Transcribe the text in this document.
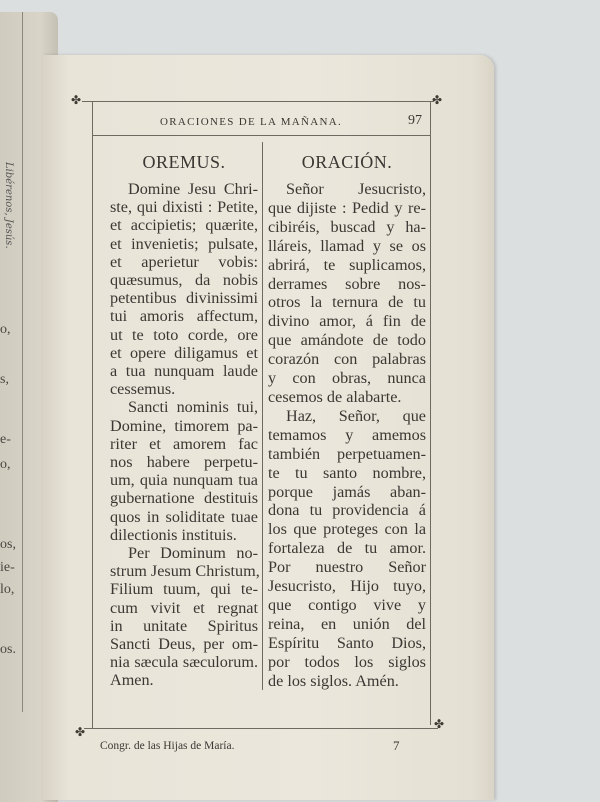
Libérenos, Jesús.
o,
s,
e-
o,
os,
ie-
lo,
os.
✤	✤
✤
✤
ORACIONES DE LA MAÑANA.	97
OREMUS.
Domine Jesu Chri-
ste, qui dixisti : Petite,
et accipietis; quærite,
et invenietis; pulsate,
et aperietur vobis:
quæsumus, da nobis
petentibus divinissimi
tui amoris affectum,
ut te toto corde, ore
et opere diligamus et
a tua nunquam laude
cessemus.
Sancti nominis tui,
Domine, timorem pa-
riter et amorem fac
nos habere perpetu-
um, quia nunquam tua
gubernatione destituis
quos in soliditate tuae
dilectionis instituis.
Per Dominum no-
strum Jesum Christum,
Filium tuum, qui te-
cum vivit et regnat
in unitate Spiritus
Sancti Deus, per om-
nia sæcula sæculorum.
Amen.
ORACIÓN.
Señor Jesucristo,
que dijiste : Pedid y re-
cibiréis, buscad y ha-
lláreis, llamad y se os
abrirá, te suplicamos,
derrames sobre nos-
otros la ternura de tu
divino amor, á fin de
que amándote de todo
corazón con palabras
y con obras, nunca
cesemos de alabarte.
Haz, Señor, que
temamos y amemos
también perpetuamen-
te tu santo nombre,
porque jamás aban-
dona tu providencia á
los que proteges con la
fortaleza de tu amor.
Por nuestro Señor
Jesucristo, Hijo tuyo,
que contigo vive y
reina, en unión del
Espíritu Santo Dios,
por todos los siglos
de los siglos. Amén.
Congr. de las Hijas de María.	7
